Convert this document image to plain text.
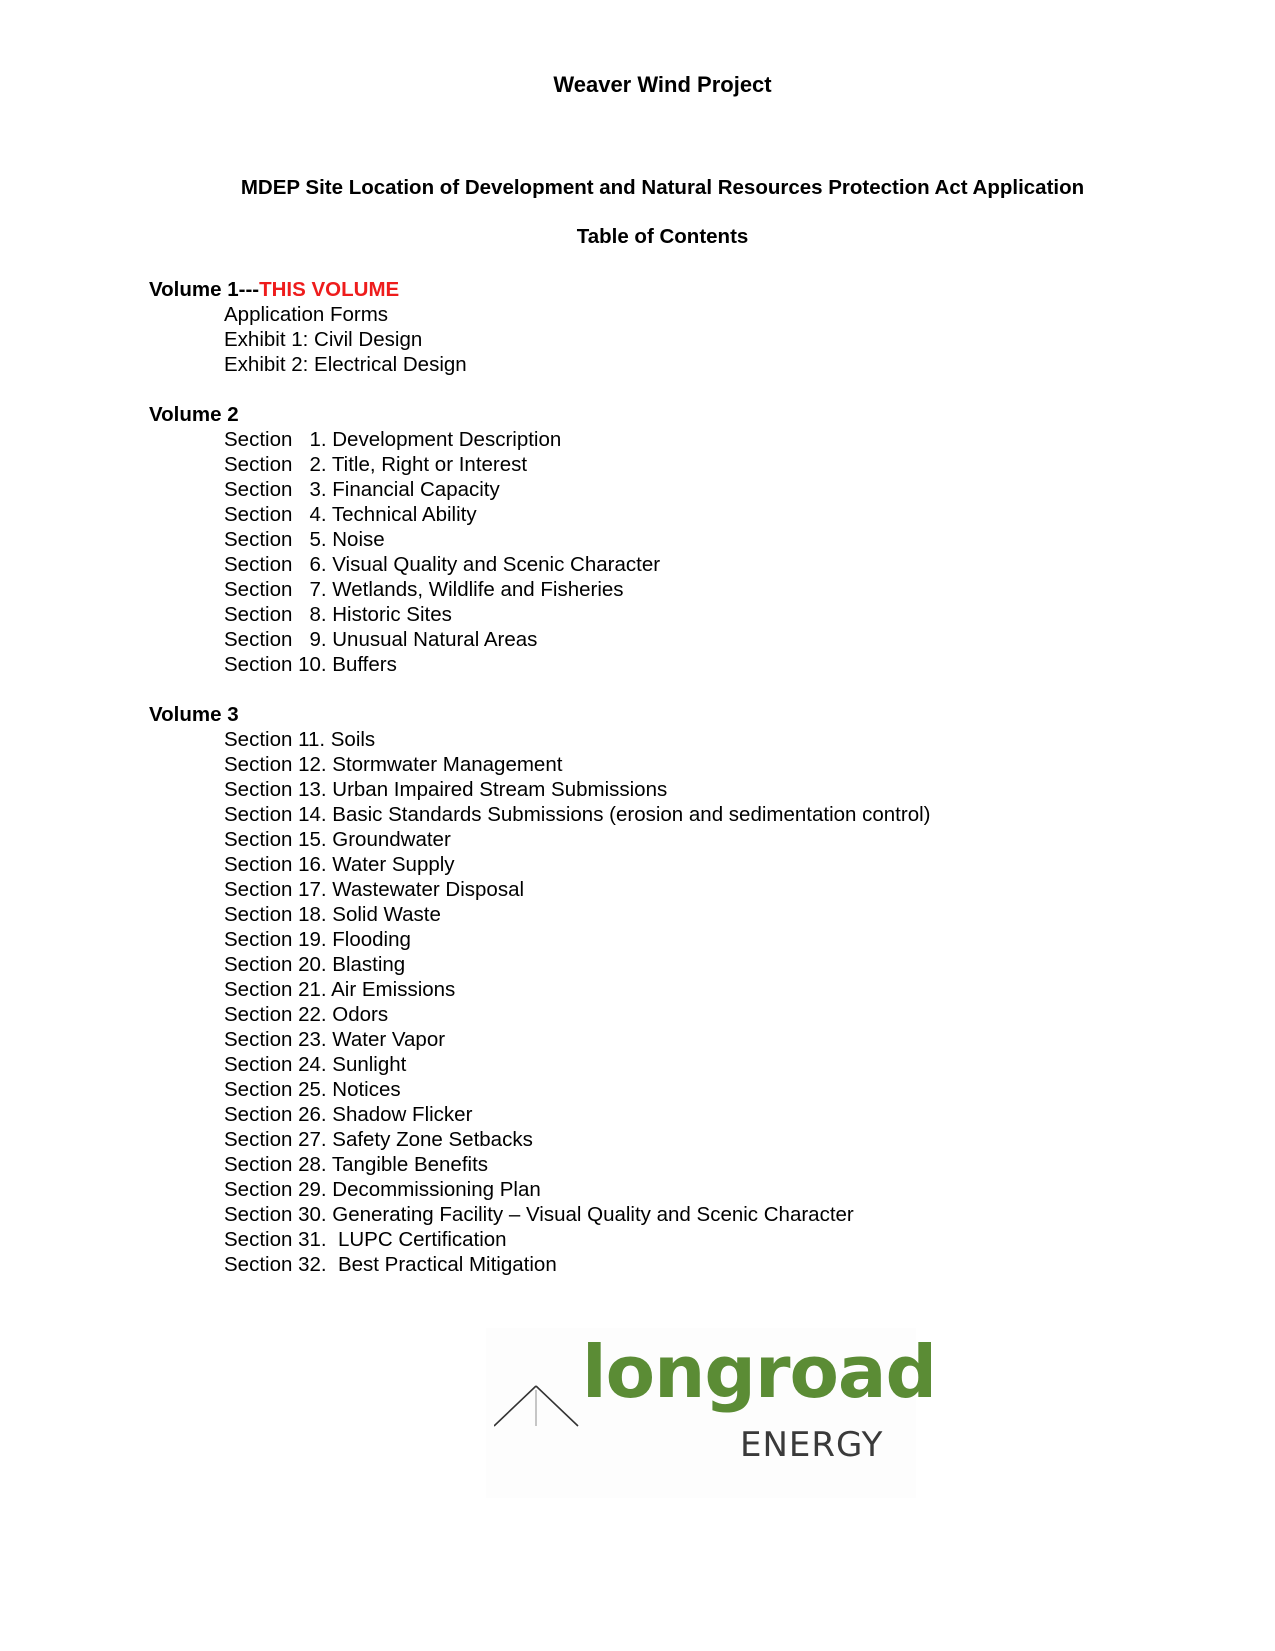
Weaver Wind Project
MDEP Site Location of Development and Natural Resources Protection Act Application
Table of Contents
Volume 1---THIS VOLUME
Application Forms
Exhibit 1: Civil Design
Exhibit 2: Electrical Design
Volume 2
Section   1. Development Description
Section   2. Title, Right or Interest
Section   3. Financial Capacity
Section   4. Technical Ability
Section   5. Noise
Section   6. Visual Quality and Scenic Character
Section   7. Wetlands, Wildlife and Fisheries
Section   8. Historic Sites
Section   9. Unusual Natural Areas
Section 10. Buffers
Volume 3
Section 11. Soils
Section 12. Stormwater Management
Section 13. Urban Impaired Stream Submissions
Section 14. Basic Standards Submissions (erosion and sedimentation control)
Section 15. Groundwater
Section 16. Water Supply
Section 17. Wastewater Disposal
Section 18. Solid Waste
Section 19. Flooding
Section 20. Blasting
Section 21. Air Emissions
Section 22. Odors
Section 23. Water Vapor
Section 24. Sunlight
Section 25. Notices
Section 26. Shadow Flicker
Section 27. Safety Zone Setbacks
Section 28. Tangible Benefits
Section 29. Decommissioning Plan
Section 30. Generating Facility – Visual Quality and Scenic Character
Section 31.  LUPC Certification
Section 32.  Best Practical Mitigation
longroad
ENERGY
